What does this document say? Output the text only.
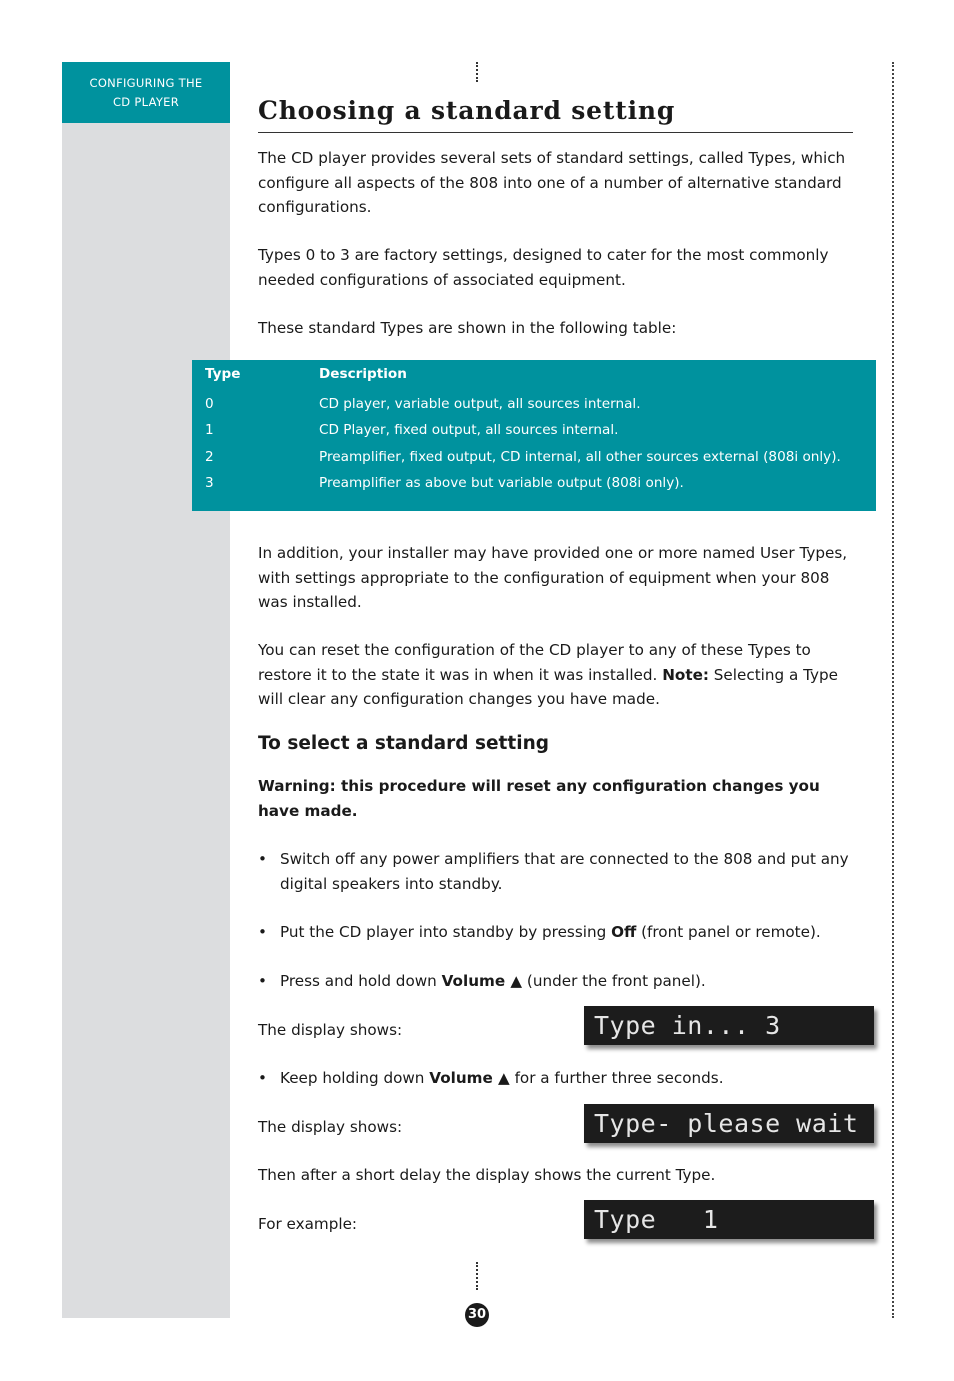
CONFIGURING THE
CD PLAYER
30
Choosing a standard setting

The CD player provides several sets of standard settings, called Types, which configure all aspects of the 808 into one of a number of alternative standard configurations.

Types 0 to 3 are factory settings, designed to cater for the most commonly needed configurations of associated equipment.

These standard Types are shown in the following table:

Type	Description
0	CD player, variable output, all sources internal.
1	CD Player, fixed output, all sources internal.
2	Preamplifier, fixed output, CD internal, all other sources external (808i only).
3	Preamplifier as above but variable output (808i only).

In addition, your installer may have provided one or more named User Types, with settings appropriate to the configuration of equipment when your 808 was installed.

You can reset the configuration of the CD player to any of these Types to restore it to the state it was in when it was installed. Note: Selecting a Type will clear any configuration changes you have made.

To select a standard setting

Warning: this procedure will reset any configuration changes you have made.

• Switch off any power amplifiers that are connected to the 808 and put any digital speakers into standby.
• Put the CD player into standby by pressing Off (front panel or remote).
• Press and hold down Volume ▲ (under the front panel).
The display shows:	Type in... 3
• Keep holding down Volume ▲ for a further three seconds.
The display shows:	Type- please wait

Then after a short delay the display shows the current Type.

For example:	Type   1
